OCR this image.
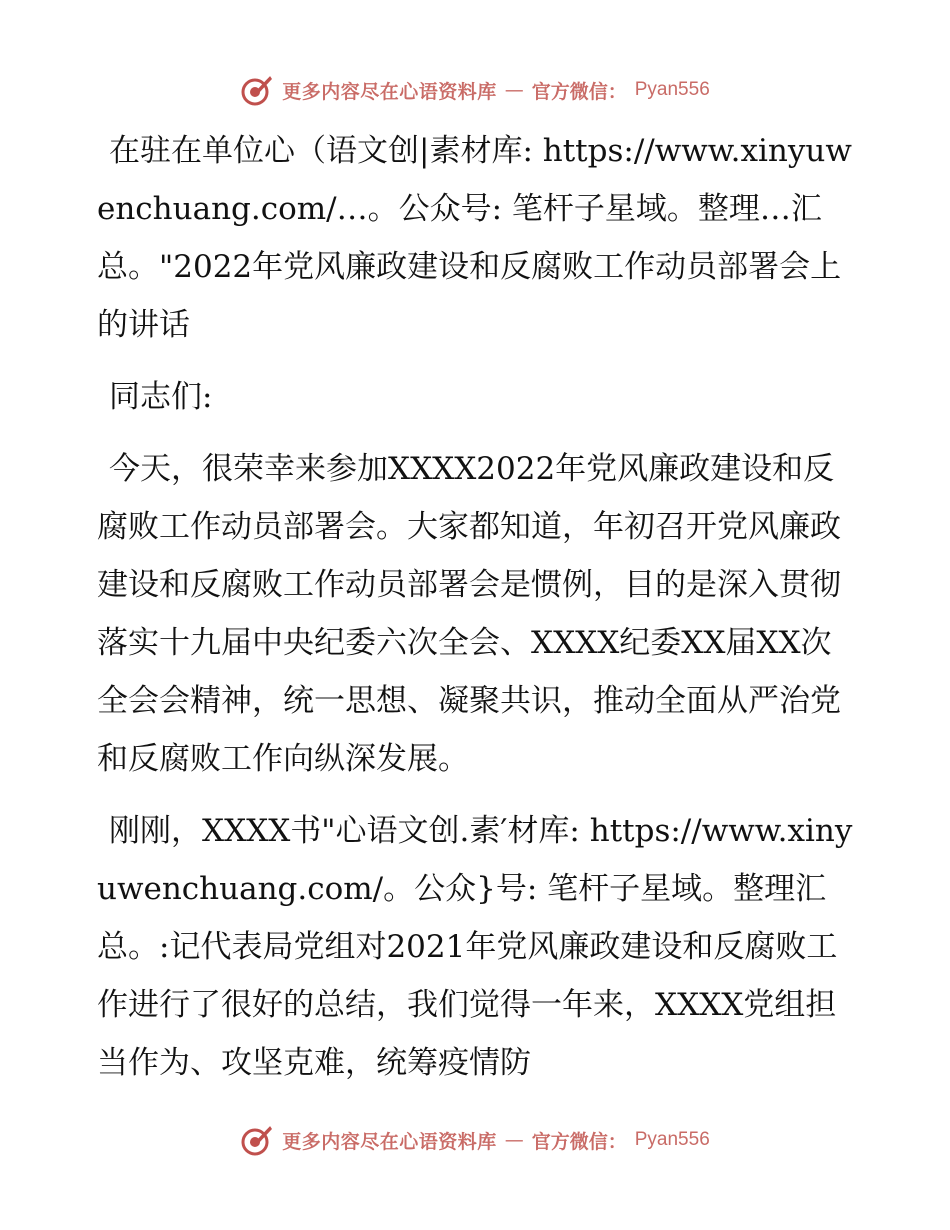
更多内容尽在心语资料库 — 官方微信： Pyan556

在驻在单位心（语文创|素材库: https://www.xinyuwenchuang.com/…。公众号: 笔杆子星域。整理…汇总。"2022年党风廉政建设和反腐败工作动员部署会上的讲话

同志们:

今天，很荣幸来参加XXXX2022年党风廉政建设和反腐败工作动员部署会。大家都知道，年初召开党风廉政建设和反腐败工作动员部署会是惯例，目的是深入贯彻落实十九届中央纪委六次全会、XXXX纪委XX届XX次全会会精神，统一思想、凝聚共识，推动全面从严治党和反腐败工作向纵深发展。

刚刚，XXXX书"心语文创.素′材库: https://www.xinyuwenchuang.com/。公众}号: 笔杆子星域。整理汇总。:记代表局党组对2021年党风廉政建设和反腐败工作进行了很好的总结，我们觉得一年来，XXXX党组担当作为、攻坚克难，统筹疫情防

更多内容尽在心语资料库 — 官方微信： Pyan556
